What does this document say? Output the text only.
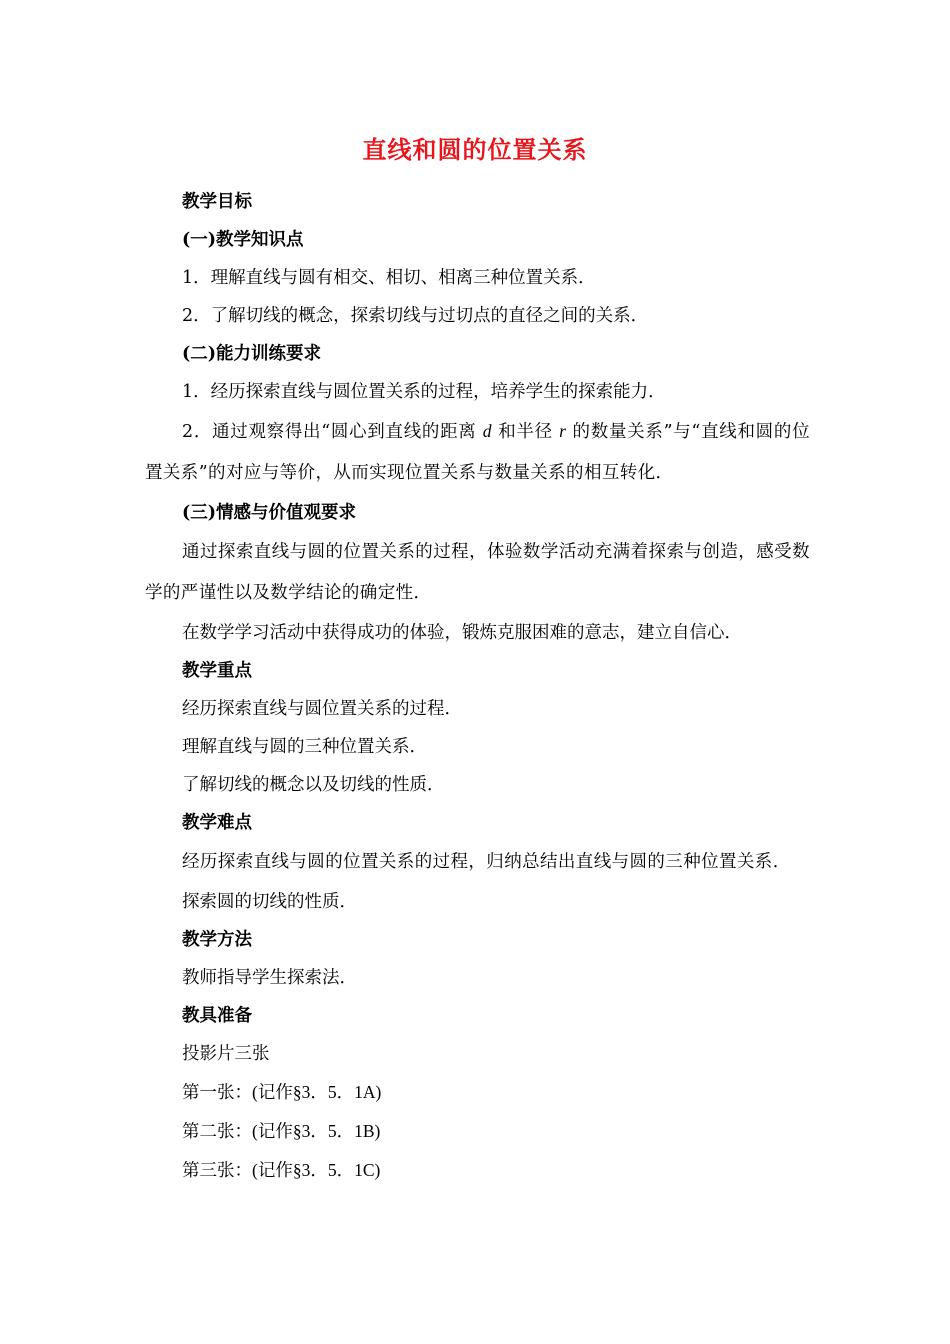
直线和圆的位置关系
教学目标
(一)教学知识点
1．理解直线与圆有相交、相切、相离三种位置关系．
2．了解切线的概念，探索切线与过切点的直径之间的关系．
(二)能力训练要求
1．经历探索直线与圆位置关系的过程，培养学生的探索能力．
2．通过观察得出“圆心到直线的距离 d 和半径 r 的数量关系”与“直线和圆的位置关系”的对应与等价，从而实现位置关系与数量关系的相互转化．
(三)情感与价值观要求
通过探索直线与圆的位置关系的过程，体验数学活动充满着探索与创造，感受数学的严谨性以及数学结论的确定性．
在数学学习活动中获得成功的体验，锻炼克服困难的意志，建立自信心．
教学重点
经历探索直线与圆位置关系的过程．
理解直线与圆的三种位置关系．
了解切线的概念以及切线的性质．
教学难点
经历探索直线与圆的位置关系的过程，归纳总结出直线与圆的三种位置关系．
探索圆的切线的性质．
教学方法
教师指导学生探索法．
教具准备
投影片三张
第一张：(记作§3．5．1A)
第二张：(记作§3．5．1B)
第三张：(记作§3．5．1C)
